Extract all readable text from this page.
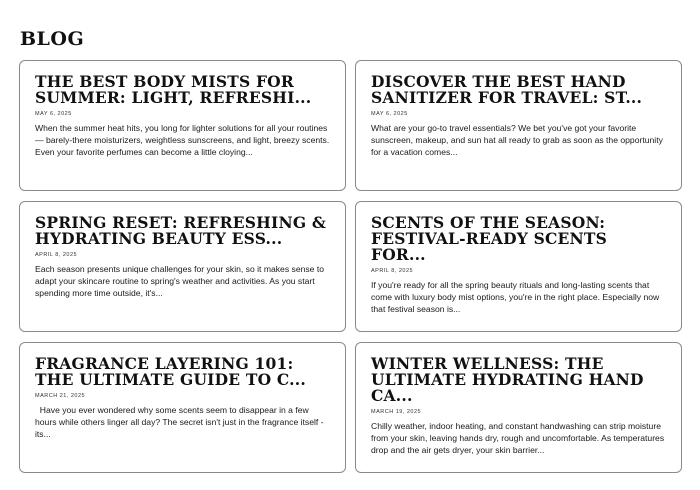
BLOG
THE BEST BODY MISTS FOR SUMMER: LIGHT, REFRESHI...
MAY 6, 2025

When the summer heat hits, you long for lighter solutions for all your routines — barely-there moisturizers, weightless sunscreens, and light, breezy scents. Even your favorite perfumes can become a little cloying...

DISCOVER THE BEST HAND SANITIZER FOR TRAVEL: ST...
MAY 6, 2025

What are your go-to travel essentials? We bet you've got your favorite sunscreen, makeup, and sun hat all ready to grab as soon as the opportunity for a vacation comes...

SPRING RESET: REFRESHING & HYDRATING BEAUTY ESS...
APRIL 8, 2025

Each season presents unique challenges for your skin, so it makes sense to adapt your skincare routine to spring's weather and activities. As you start spending more time outside, it's...

SCENTS OF THE SEASON: FESTIVAL-READY SCENTS FOR...
APRIL 8, 2025

If you're ready for all the spring beauty rituals and long-lasting scents that come with luxury body mist options, you're in the right place. Especially now that festival season is...

FRAGRANCE LAYERING 101: THE ULTIMATE GUIDE TO C...
MARCH 21, 2025

Have you ever wondered why some scents seem to disappear in a few hours while others linger all day? The secret isn't just in the fragrance itself - its...

WINTER WELLNESS: THE ULTIMATE HYDRATING HAND CA...
MARCH 19, 2025

Chilly weather, indoor heating, and constant handwashing can strip moisture from your skin, leaving hands dry, rough and uncomfortable. As temperatures drop and the air gets dryer, your skin barrier...
